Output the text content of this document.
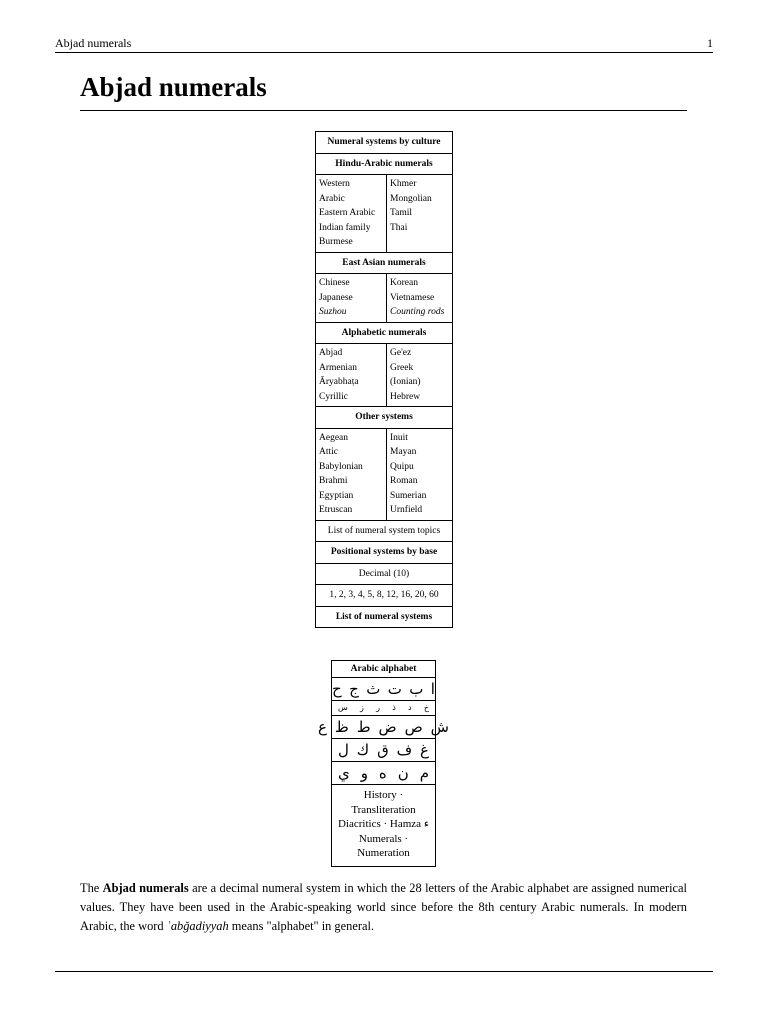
Abjad numerals	1
Abjad numerals
Numeral systems by culture
Hindu-Arabic numerals
Western
Arabic
Eastern Arabic
Indian family
Burmese
Khmer
Mongolian
Tamil
Thai
East Asian numerals
Chinese
Japanese
Suzhou
Korean
Vietnamese
Counting rods
Alphabetic numerals
Abjad
Armenian
Āryabhaṭa
Cyrillic
Ge'ez
Greek
(Ionian)
Hebrew
Other systems
Aegean
Attic
Babylonian
Brahmi
Egyptian
Etruscan
Inuit
Mayan
Quipu
Roman
Sumerian
Urnfield
List of numeral system topics
Positional systems by base
Decimal (10)
1, 2, 3, 4, 5, 8, 12, 16, 20, 60
List of numeral systems
Arabic alphabet
ح ج ث ت ب ا
س ز ر ذ د خ
ع ظ ط ض ص ش
ل ك ق ف غ
ي و ه ن م
History ·
Transliteration
Diacritics · Hamza ء
Numerals ·
Numeration

The Abjad numerals are a decimal numeral system in which the 28 letters of the Arabic alphabet are assigned numerical values. They have been used in the Arabic-speaking world since before the 8th century Arabic numerals. In modern Arabic, the word ʾabǧadiyyah means "alphabet" in general.
